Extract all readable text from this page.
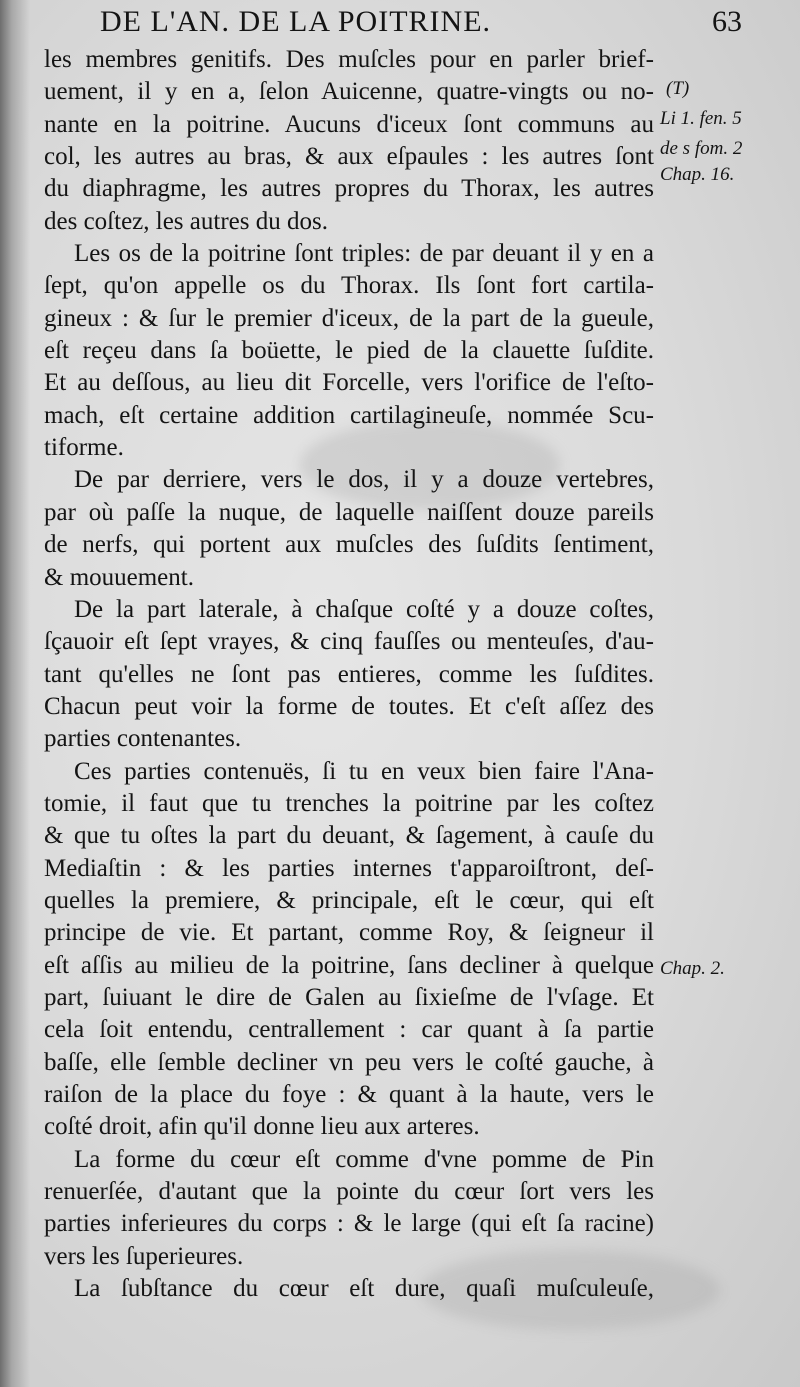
DE L'AN. DE LA POITRINE.	63
les membres genitifs. Des muſcles pour en parler brief-
uement, il y en a, ſelon Auicenne, quatre-vingts ou no-
nante en la poitrine. Aucuns d'iceux ſont communs au
col, les autres au bras, & aux eſpaules : les autres ſont
du diaphragme, les autres propres du Thorax, les autres
des coſtez, les autres du dos.
Les os de la poitrine ſont triples: de par deuant il y en a
ſept, qu'on appelle os du Thorax. Ils ſont fort cartila-
gineux : & ſur le premier d'iceux, de la part de la gueule,
eſt reçeu dans ſa boüette, le pied de la clauette ſuſdite.
Et au deſſous, au lieu dit Forcelle, vers l'orifice de l'eſto-
mach, eſt certaine addition cartilagineuſe, nommée Scu-
tiforme.
De par derriere, vers le dos, il y a douze vertebres,
par où paſſe la nuque, de laquelle naiſſent douze pareils
de nerfs, qui portent aux muſcles des ſuſdits ſentiment,
& mouuement.
De la part laterale, à chaſque coſté y a douze coſtes,
ſçauoir eſt ſept vrayes, & cinq fauſſes ou menteuſes, d'au-
tant qu'elles ne ſont pas entieres, comme les ſuſdites.
Chacun peut voir la forme de toutes. Et c'eſt aſſez des
parties contenantes.
Ces parties contenuës, ſi tu en veux bien faire l'Ana-
tomie, il faut que tu trenches la poitrine par les coſtez
& que tu oſtes la part du deuant, & ſagement, à cauſe du
Mediaſtin : & les parties internes t'apparoiſtront, deſ-
quelles la premiere, & principale, eſt le cœur, qui eſt
principe de vie. Et partant, comme Roy, & ſeigneur il
eſt aſſis au milieu de la poitrine, ſans decliner à quelque
part, ſuiuant le dire de Galen au ſixieſme de l'vſage. Et
cela ſoit entendu, centrallement : car quant à ſa partie
baſſe, elle ſemble decliner vn peu vers le coſté gauche, à
raiſon de la place du foye : & quant à la haute, vers le
coſté droit, afin qu'il donne lieu aux arteres.
La forme du cœur eſt comme d'vne pomme de Pin
renuerſée, d'autant que la pointe du cœur ſort vers les
parties inferieures du corps : & le large (qui eſt ſa racine)
vers les ſuperieures.
La ſubſtance du cœur eſt dure, quaſi muſculeuſe,
(T)
Li 1. fen. 5
de s fom. 2
Chap. 16.
Chap. 2.
